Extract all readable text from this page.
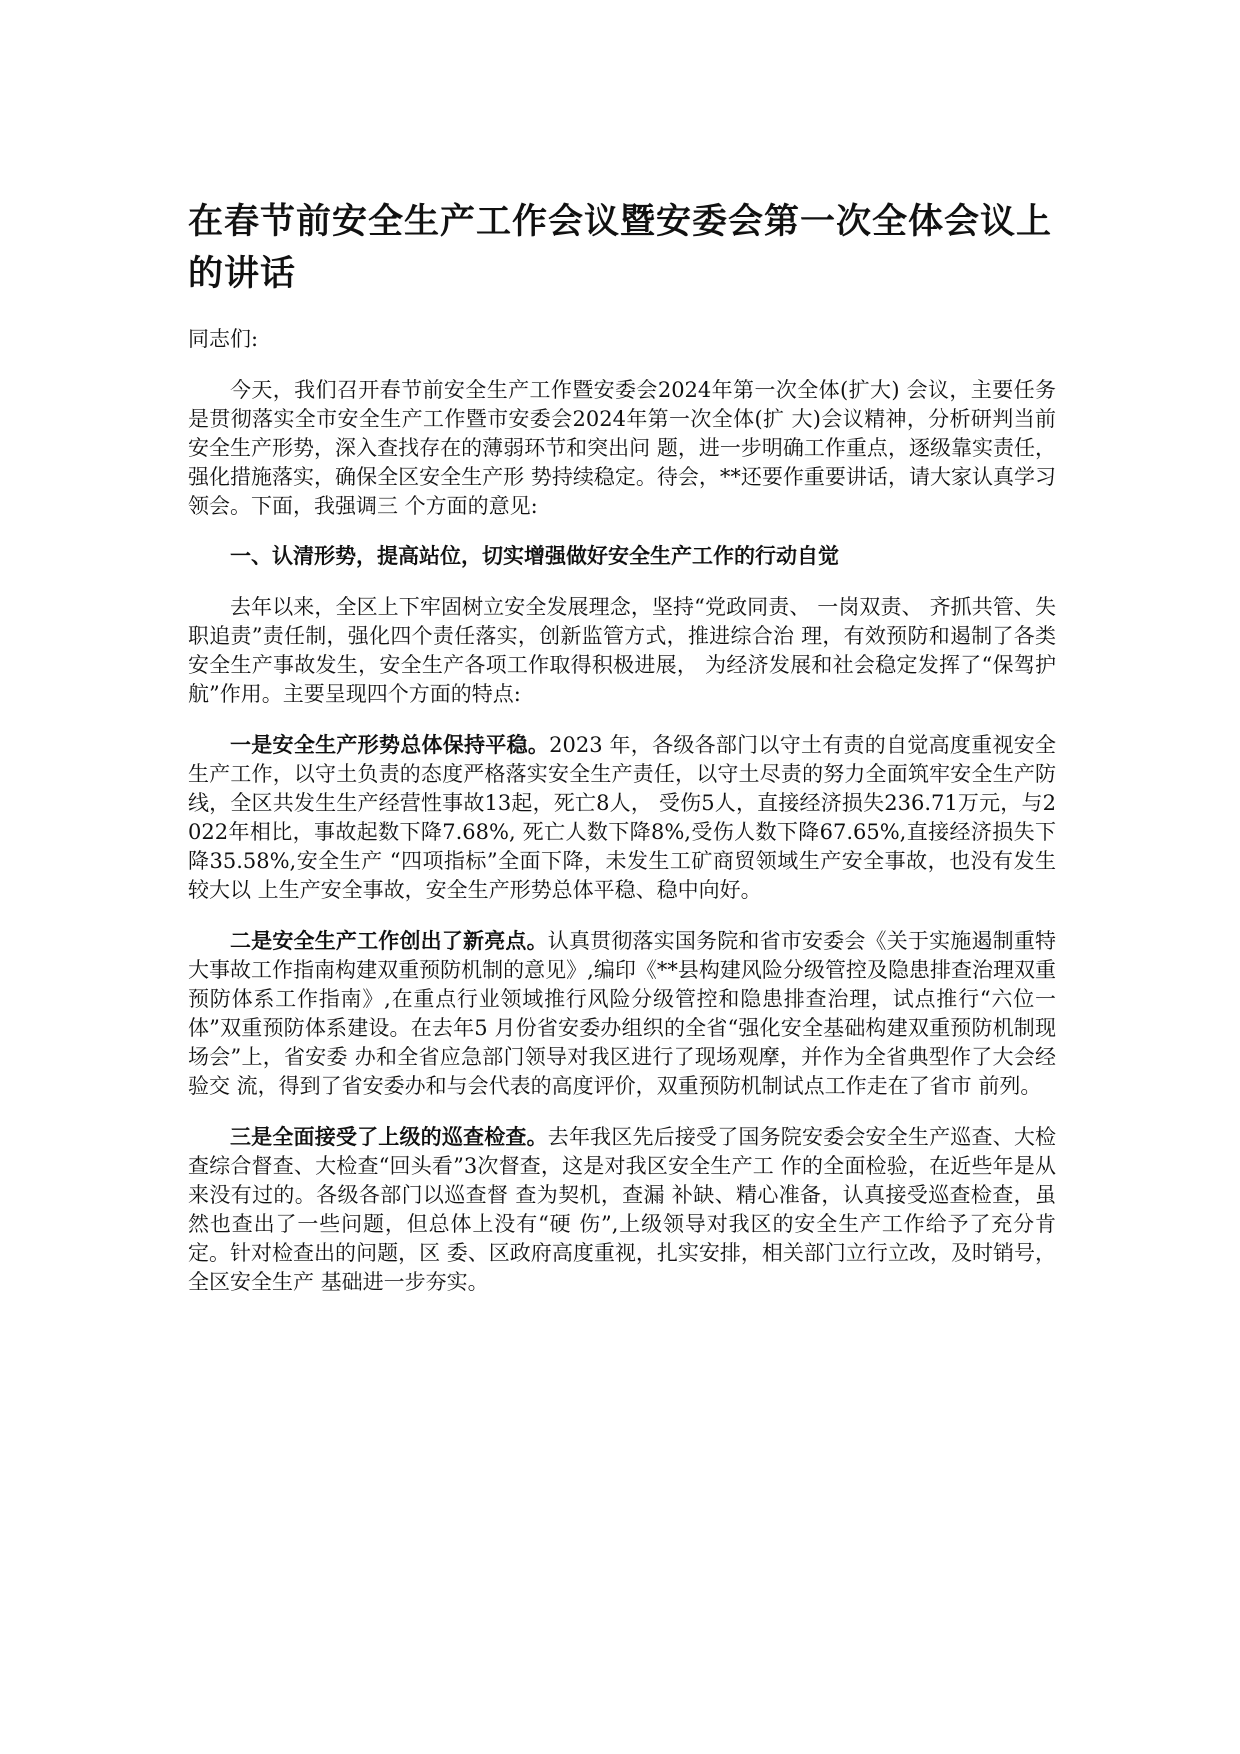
在春节前安全生产工作会议暨安委会第一次全体会议上的讲话

同志们:

今天，我们召开春节前安全生产工作暨安委会2024年第一次全体(扩大) 会议，主要任务是贯彻落实全市安全生产工作暨市安委会2024年第一次全体(扩 大)会议精神，分析研判当前安全生产形势，深入查找存在的薄弱环节和突出问 题，进一步明确工作重点，逐级靠实责任，强化措施落实，确保全区安全生产形 势持续稳定。待会，**还要作重要讲话，请大家认真学习领会。下面，我强调三 个方面的意见:

一、认清形势，提高站位，切实增强做好安全生产工作的行动自觉

去年以来，全区上下牢固树立安全发展理念，坚持“党政同责、 一岗双责、 齐抓共管、失职追责”责任制，强化四个责任落实，创新监管方式，推进综合治 理，有效预防和遏制了各类安全生产事故发生，安全生产各项工作取得积极进展， 为经济发展和社会稳定发挥了“保驾护航”作用。主要呈现四个方面的特点:

一是安全生产形势总体保持平稳。2023 年，各级各部门以守土有责的自觉高度重视安全生产工作，以守土负责的态度严格落实安全生产责任，以守土尽责的努力全面筑牢安全生产防线，全区共发生生产经营性事故13起，死亡8人， 受伤5人，直接经济损失236.71万元，与2022年相比，事故起数下降7.68%, 死亡人数下降8%,受伤人数下降67.65%,直接经济损失下降35.58%,安全生产 “四项指标”全面下降，未发生工矿商贸领域生产安全事故，也没有发生较大以 上生产安全事故，安全生产形势总体平稳、稳中向好。

二是安全生产工作创出了新亮点。认真贯彻落实国务院和省市安委会《关于实施遏制重特大事故工作指南构建双重预防机制的意见》,编印《**县构建风险分级管控及隐患排查治理双重预防体系工作指南》,在重点行业领域推行风险分级管控和隐患排查治理，试点推行“六位一体”双重预防体系建设。在去年5 月份省安委办组织的全省“强化安全基础构建双重预防机制现场会”上，省安委 办和全省应急部门领导对我区进行了现场观摩，并作为全省典型作了大会经验交 流，得到了省安委办和与会代表的高度评价，双重预防机制试点工作走在了省市 前列。

三是全面接受了上级的巡查检查。去年我区先后接受了国务院安委会安全生产巡查、大检查综合督查、大检查“回头看”3次督查，这是对我区安全生产工 作的全面检验，在近些年是从来没有过的。各级各部门以巡查督 查为契机，查漏 补缺、精心准备，认真接受巡查检查，虽然也查出了一些问题，但总体上没有“硬 伤”,上级领导对我区的安全生产工作给予了充分肯定。针对检查出的问题，区 委、区政府高度重视，扎实安排，相关部门立行立改，及时销号，全区安全生产 基础进一步夯实。
